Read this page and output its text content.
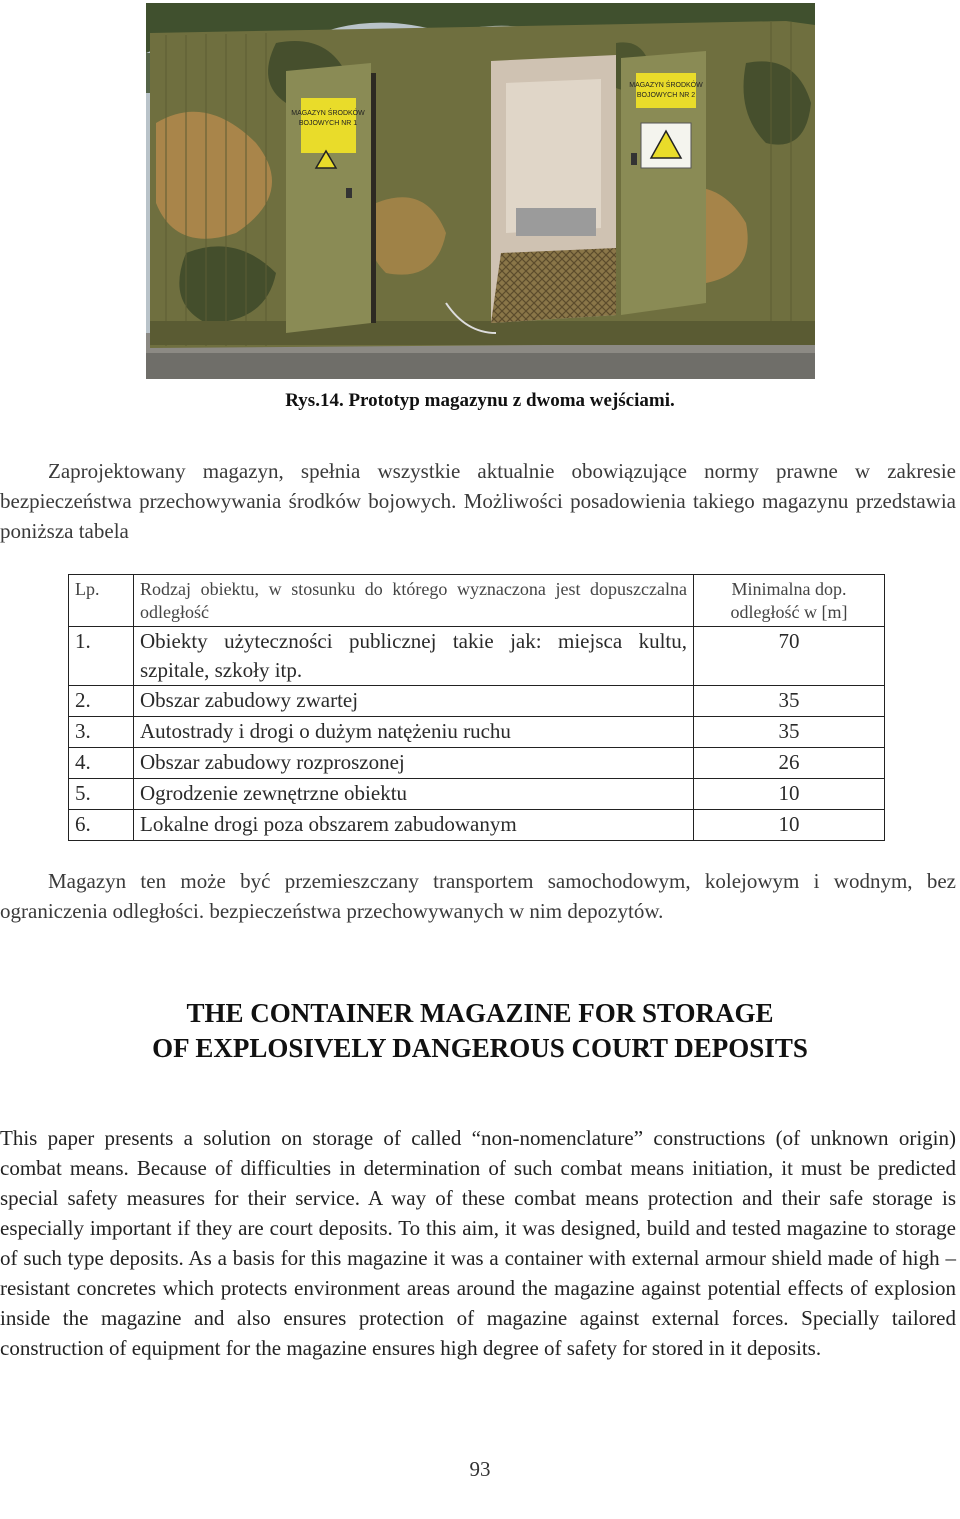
MAGAZYN ŚRODKÓW
BOJOWYCH NR 1
MAGAZYN ŚRODKÓW
BOJOWYCH NR 2
Rys.14. Prototyp magazynu z dwoma wejściami.

Zaprojektowany magazyn, spełnia wszystkie aktualnie obowiązujące normy prawne w zakresie bezpieczeństwa przechowywania środków bojowych. Możliwości posadowienia takiego magazynu przedstawia poniższa tabela

Lp.	Rodzaj obiektu, w stosunku do którego wyznaczona jest dopuszczalna odległość	Minimalna dop.
odległość w [m]

1.	Obiekty użyteczności publicznej takie jak: miejsca kultu, szpitale, szkoły itp.	70
2.	Obszar zabudowy zwartej	35
3.	Autostrady i drogi o dużym natężeniu ruchu	35
4.	Obszar zabudowy rozproszonej	26
5.	Ogrodzenie zewnętrzne obiektu	10
6.	Lokalne drogi poza obszarem zabudowanym	10

Magazyn ten może być przemieszczany transportem samochodowym, kolejowym i wodnym, bez ograniczenia odległości. bezpieczeństwa przechowywanych w nim depozytów.

THE CONTAINER MAGAZINE FOR STORAGE
OF EXPLOSIVELY DANGEROUS COURT DEPOSITS

This paper presents a solution on storage of called “non-nomenclature” constructions (of unknown origin) combat means. Because of difficulties in determination of such combat means initiation, it must be predicted special safety measures for their service. A way of these combat means protection and their safe storage is especially important if they are court deposits. To this aim, it was designed, build and tested magazine to storage of such type deposits. As a basis for this magazine it was a container with external armour shield made of high – resistant concretes which protects environment areas around the magazine against potential effects of explosion inside the magazine and also ensures protection of magazine against external forces. Specially tailored construction of equipment for the magazine ensures high degree of safety for stored in it deposits.

93
